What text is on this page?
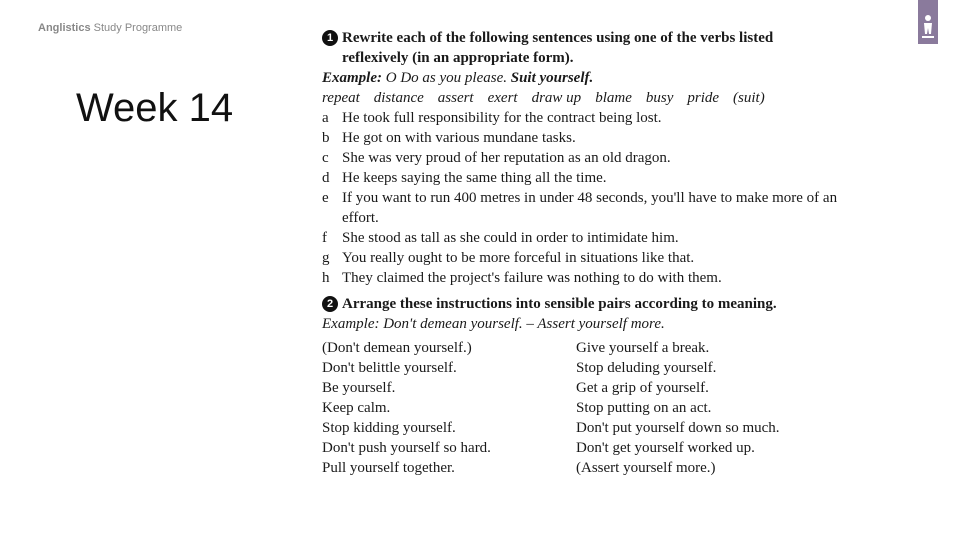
Anglistics Study Programme
Week 14
1 Rewrite each of the following sentences using one of the verbs listed reflexively (in an appropriate form).
Example: O Do as you please. Suit yourself.
repeat distance assert exert draw up blame busy pride (suit)
a He took full responsibility for the contract being lost.
b He got on with various mundane tasks.
c She was very proud of her reputation as an old dragon.
d He keeps saying the same thing all the time.
e If you want to run 400 metres in under 48 seconds, you'll have to make more of an effort.
f	She stood as tall as she could in order to intimidate him.
g You really ought to be more forceful in situations like that.
h They claimed the project's failure was nothing to do with them.
2 Arrange these instructions into sensible pairs according to meaning.
Example: Don't demean yourself. – Assert yourself more.
(Don't demean yourself.)	Give yourself a break.
Don't belittle yourself.	Stop deluding yourself.
Be yourself.	Get a grip of yourself.
Keep calm.	Stop putting on an act.
Stop kidding yourself.	Don't put yourself down so much.
Don't push yourself so hard.	Don't get yourself worked up.
Pull yourself together.	(Assert yourself more.)
